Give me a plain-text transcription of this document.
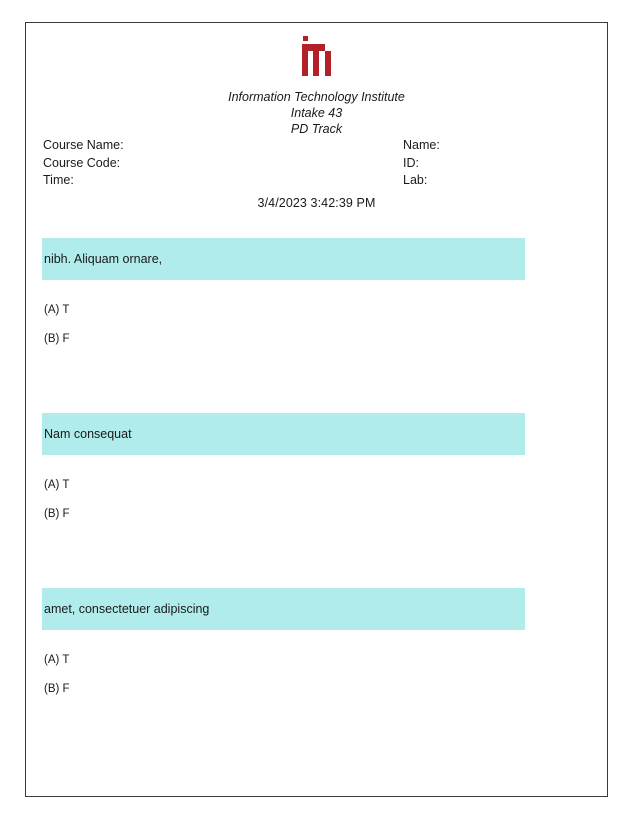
Information Technology Institute
Intake 43
PD Track
Course Name:
Course Code:
Time:
Name:
ID:
Lab:
3/4/2023 3:42:39 PM
nibh. Aliquam ornare,
(A) T
(B) F
Nam consequat
(A) T
(B) F
amet, consectetuer adipiscing
(A) T
(B) F
